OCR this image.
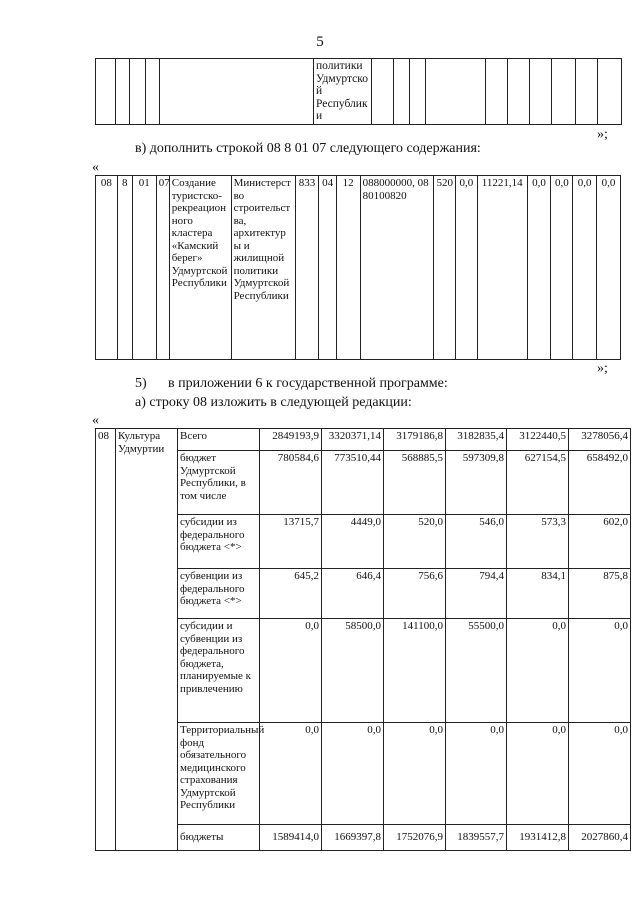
5
					политики Удмуртской Республики										
»;
в) дополнить строкой 08 8 01 07 следующего содержания:
«
08	8	01	07	Создание туристско-рекреационного кластера «Камский берег» Удмуртской Республики	Министерство строительства, архитектуры и жилищной политики Удмуртской Республики	833	04	12	088000000, 0880100820	520	0,0	11221,14	0,0	0,0	0,0	0,0
»;
5) в приложении 6 к государственной программе:
а) строку 08 изложить в следующей редакции:
«
08	Культура Удмуртии	Всего	2849193,9	3320371,14	3179186,8	3182835,4	3122440,5	3278056,4
		бюджет Удмуртской Республики, в том числе	780584,6	773510,44	568885,5	597309,8	627154,5	658492,0
		субсидии из федерального бюджета <*>	13715,7	4449,0	520,0	546,0	573,3	602,0
		субвенции из федерального бюджета <*>	645,2	646,4	756,6	794,4	834,1	875,8
		субсидии и субвенции из федерального бюджета, планируемые к привлечению	0,0	58500,0	141100,0	55500,0	0,0	0,0
		Территориальный фонд обязательного медицинского страхования Удмуртской Республики	0,0	0,0	0,0	0,0	0,0	0,0
		бюджеты	1589414,0	1669397,8	1752076,9	1839557,7	1931412,8	2027860,4
